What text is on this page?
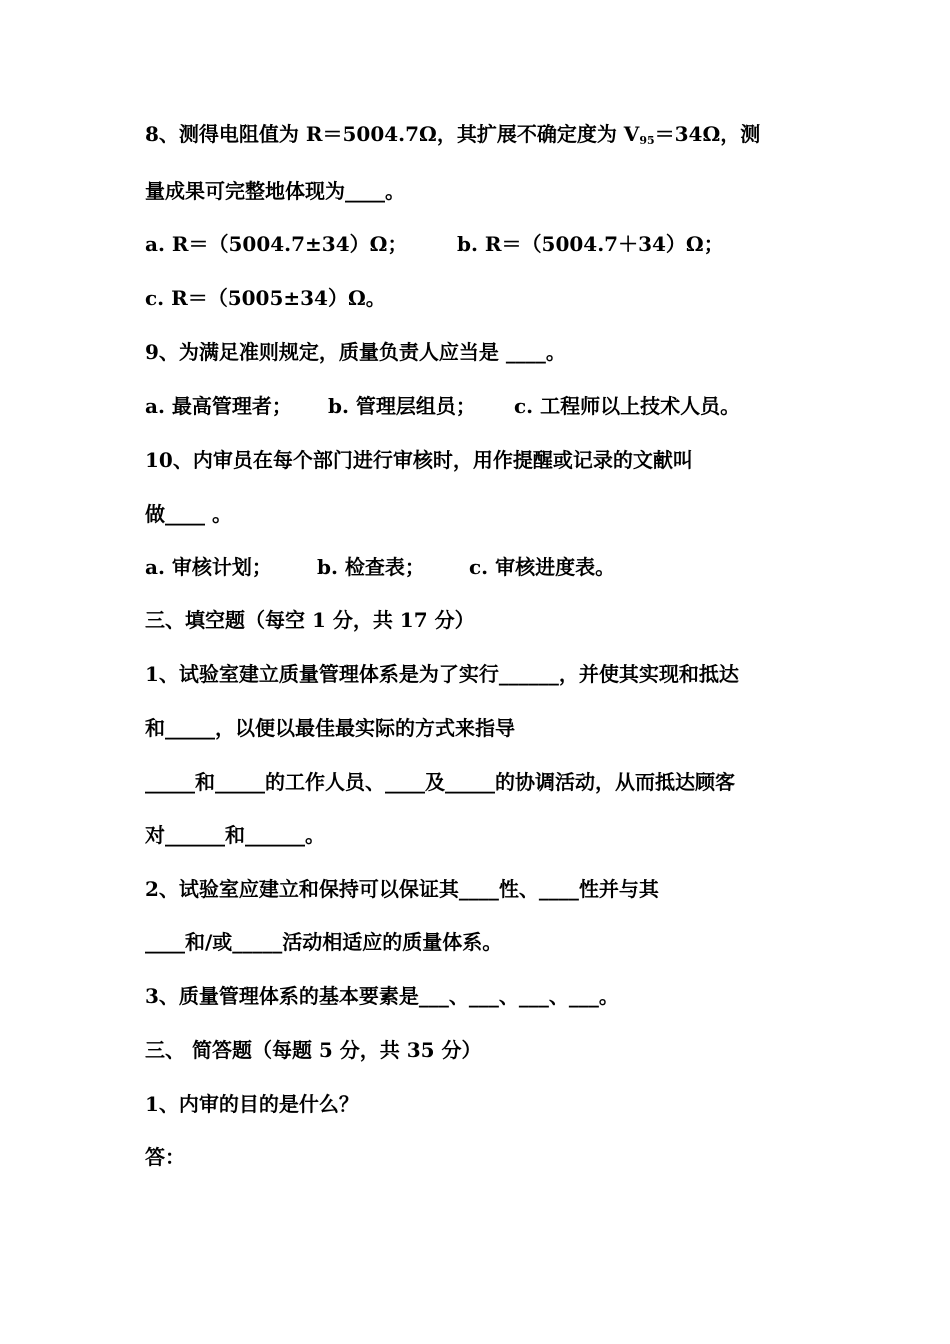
8、测得电阻值为 R＝5004.7Ω，其扩展不确定度为 $V_{95}=34\Omega$，测

量成果可完整地体现为____。

a. R＝（5004.7±34）Ω； b. R＝（5004.7＋34）Ω；

c. R＝（5005±34）Ω。

9、为满足准则规定，质量负责人应当是 ____。

a. 最高管理者； b. 管理层组员； c. 工程师以上技术人员。

10、内审员在每个部门进行审核时，用作提醒或记录的文献叫

做____ 。

a. 审核计划； b. 检查表； c. 审核进度表。

三、填空题（每空 1 分，共 17 分）

1、试验室建立质量管理体系是为了实行______，并使其实现和抵达

和_____，以便以最佳最实际的方式来指导

_____和_____的工作人员、____及_____的协调活动，从而抵达顾客

对______和______。

2、试验室应建立和保持可以保证其____性、____性并与其

____和/或_____活动相适应的质量体系。

3、质量管理体系的基本要素是___、___、___、___。

三、 简答题（每题 5 分，共 35 分）

1、内审的目的是什么？

答：
